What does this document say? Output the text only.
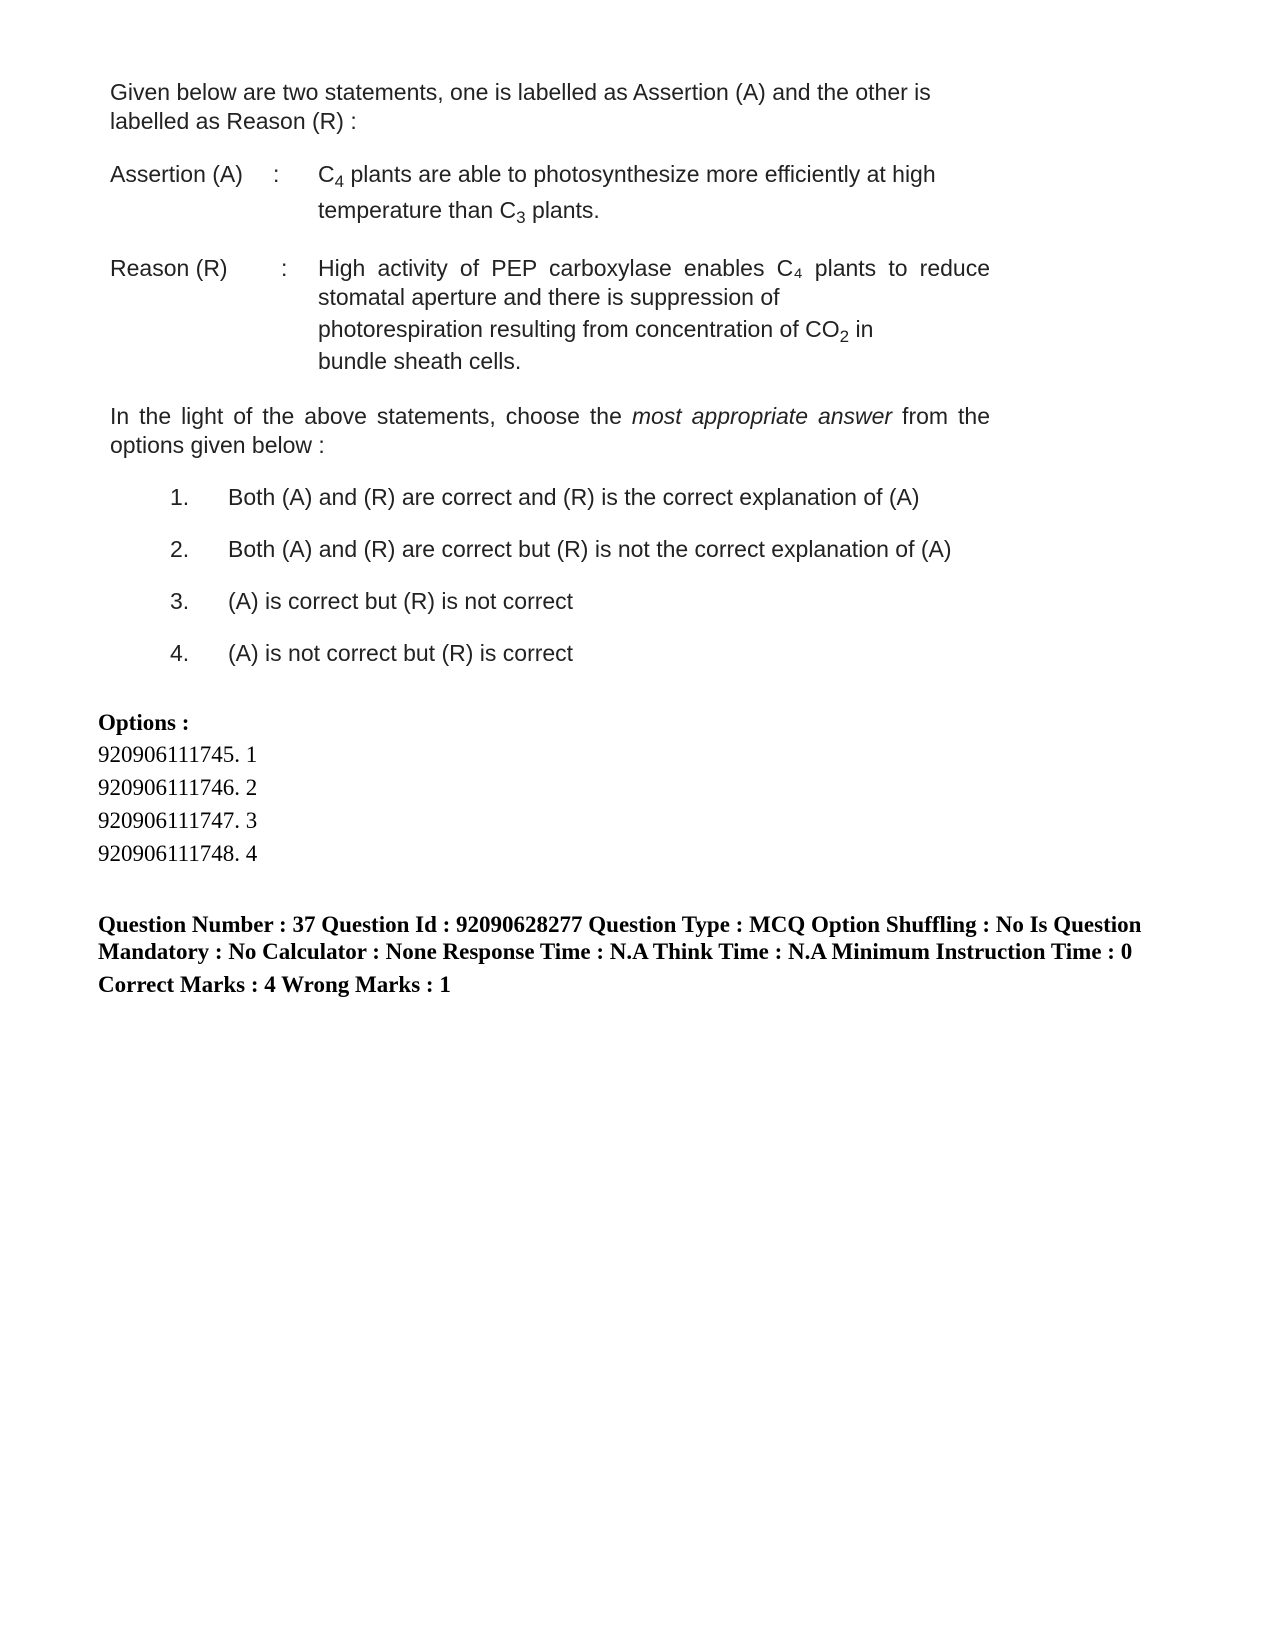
Given below are two statements, one is labelled as Assertion (A) and the other is labelled as Reason (R) :

Assertion (A)	:	$C_4$ plants are able to photosynthesize more efficiently at high
temperature than $C_3$ plants.
Reason (R)	:	High activity of PEP carboxylase enables C₄ plants to reduce stomatal aperture and there is suppression of
photorespiration resulting from concentration of $CO_2$ in
bundle sheath cells.

In the light of the above statements, choose the most appropriate answer from the options given below :

1.	Both (A) and (R) are correct and (R) is the correct explanation of (A)
2.	Both (A) and (R) are correct but (R) is not the correct explanation of (A)
3.	(A) is correct but (R) is not correct
4.	(A) is not correct but (R) is correct
Options :
920906111745. 1
920906111746. 2
920906111747. 3
920906111748. 4
Question Number : 37 Question Id : 92090628277 Question Type : MCQ Option Shuffling : No Is Question Mandatory : No Calculator : None Response Time : N.A Think Time : N.A Minimum Instruction Time : 0
Correct Marks : 4 Wrong Marks : 1
